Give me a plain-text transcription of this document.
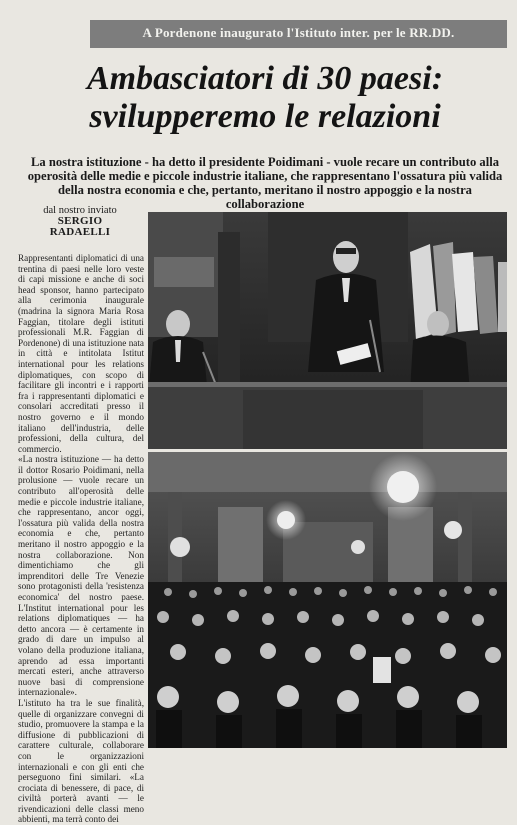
A Pordenone inaugurato l'Istituto inter. per le RR.DD.
Ambasciatori di 30 paesi:
svilupperemo le relazioni
La nostra istituzione - ha detto il presidente Poidimani - vuole recare un contributo alla operosità delle medie e piccole industrie italiane, che rappresentano l'ossatura più valida della nostra economia e che, pertanto, meritano il nostro appoggio e la nostra collaborazione
dal nostro inviato
SERGIO
RADAELLI

Rappresentanti diplomatici di una trentina di paesi nelle loro veste di capi missione e anche di soci head sponsor, hanno partecipato alla cerimonia inaugurale (madrina la signora Maria Rosa Faggian, titolare degli istituti professionali M.R. Faggian di Pordenone) di una istituzione nata in città e intitolata Istitut international pour les relations diplomatiques, con scopo di facilitare gli incontri e i rapporti fra i rappresentanti diplomatici e consolari accreditati presso il nostro governo e il mondo italiano dell'industria, delle professioni, della cultura, del commercio.

«La nostra istituzione — ha detto il dottor Rosario Poidimani, nella prolusione — vuole recare un contributo all'operosità delle medie e piccole industrie italiane, che rappresentano, ancor oggi, l'ossatura più valida della nostra economia e che, pertanto meritano il nostro appoggio e la nostra collaborazione. Non dimentichiamo che gli imprenditori delle Tre Venezie sono protagonisti della 'resistenza economica' del nostro paese. L'Institut international pour les relations diplomatiques — ha detto ancora — è certamente in grado di dare un impulso al volano della produzione italiana, aprendo ad essa importanti mercati esteri, anche attraverso nuove basi di comprensione internazionale».

L'istituto ha tra le sue finalità, quelle di organizzare convegni di studio, promuovere la stampa e la diffusione di pubblicazioni di carattere culturale, collaborare con le organizzazioni internazionali e con gli enti che perseguono fini similari. «La crociata di benessere, di pace, di civiltà porterà avanti — le rivendicazioni delle classi meno abbienti, ma terrà conto dei
